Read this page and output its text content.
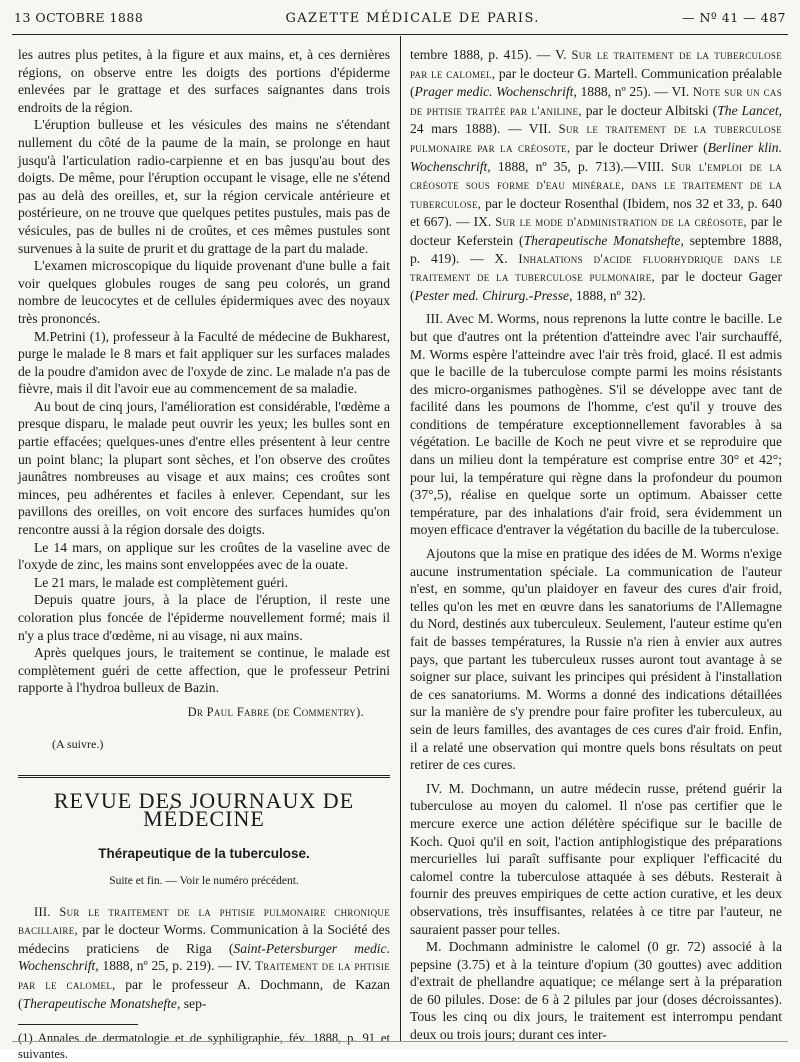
13 OCTOBRE 1888	GAZETTE MÉDICALE DE PARIS.	— Nº 41 — 487

les autres plus petites, à la figure et aux mains, et, à ces dernières régions, on observe entre les doigts des portions d'épiderme enlevées par le grattage et des surfaces saignantes dans trois endroits de la région.

L'éruption bulleuse et les vésicules des mains ne s'étendant nullement du côté de la paume de la main, se prolonge en haut jusqu'à l'articulation radio-carpienne et en bas jusqu'au bout des doigts. De même, pour l'éruption occupant le visage, elle ne s'étend pas au delà des oreilles, et, sur la région cervicale antérieure et postérieure, on ne trouve que quelques petites pustules, mais pas de vésicules, pas de bulles ni de croûtes, et ces mêmes pustules sont survenues à la suite de prurit et du grattage de la part du malade.

L'examen microscopique du liquide provenant d'une bulle a fait voir quelques globules rouges de sang peu colorés, un grand nombre de leucocytes et de cellules épidermiques avec des noyaux très prononcés.

M.Petrini (1), professeur à la Faculté de médecine de Bukharest, purge le malade le 8 mars et fait appliquer sur les surfaces malades de la poudre d'amidon avec de l'oxyde de zinc. Le malade n'a pas de fièvre, mais il dit l'avoir eue au commencement de sa maladie.

Au bout de cinq jours, l'amélioration est considérable, l'œdème a presque disparu, le malade peut ouvrir les yeux; les bulles sont en partie effacées; quelques-unes d'entre elles présentent à leur centre un point blanc; la plupart sont sèches, et l'on observe des croûtes jaunâtres nombreuses au visage et aux mains; ces croûtes sont minces, peu adhérentes et faciles à enlever. Cependant, sur les pavillons des oreilles, on voit encore des surfaces humides qu'on rencontre aussi à la région dorsale des doigts.

Le 14 mars, on applique sur les croûtes de la vaseline avec de l'oxyde de zinc, les mains sont enveloppées avec de la ouate.

Le 21 mars, le malade est complètement guéri.

Depuis quatre jours, à la place de l'éruption, il reste une coloration plus foncée de l'épiderme nouvellement formé; mais il n'y a plus trace d'œdème, ni au visage, ni aux mains.

Après quelques jours, le traitement se continue, le malade est complètement guéri de cette affection, que le professeur Petrini rapporte à l'hydroa bulleux de Bazin.

Dr Paul Fabre (de Commentry).
(A suivre.)
REVUE DES JOURNAUX DE MÉDECINE
Thérapeutique de la tuberculose.
Suite et fin. — Voir le numéro précédent.

III. Sur le traitement de la phtisie pulmonaire chronique bacillaire, par le docteur Worms. Communication à la Société des médecins praticiens de Riga (Saint-Petersburger medic. Wochenschrift, 1888, nº 25, p. 219). — IV. Traitement de la phtisie par le calomel, par le professeur A. Dochmann, de Kazan (Therapeutische Monatshefte, sep-

(1) Annales de dermatologie et de syphiligraphie, fév. 1888, p. 91 et suivantes.

tembre 1888, p. 415). — V. Sur le traitement de la tuberculose par le calomel, par le docteur G. Martell. Communication préalable (Prager medic. Wochenschrift, 1888, nº 25). — VI. Note sur un cas de phtisie traitée par l'aniline, par le docteur Albitski (The Lancet, 24 mars 1888). — VII. Sur le traitement de la tuberculose pulmonaire par la créosote, par le docteur Driwer (Berliner klin. Wochenschrift, 1888, nº 35, p. 713).—VIII. Sur l'emploi de la créosote sous forme d'eau minérale, dans le traitement de la tuberculose, par le docteur Rosenthal (Ibidem, nos 32 et 33, p. 640 et 667). — IX. Sur le mode d'administration de la créosote, par le docteur Keferstein (Therapeutische Monatshefte, septembre 1888, p. 419). — X. Inhalations d'acide fluorhydrique dans le traitement de la tuberculose pulmonaire, par le docteur Gager (Pester med. Chirurg.-Presse, 1888, nº 32).

III. Avec M. Worms, nous reprenons la lutte contre le bacille. Le but que d'autres ont la prétention d'atteindre avec l'air surchauffé, M. Worms espère l'atteindre avec l'air très froid, glacé. Il est admis que le bacille de la tuberculose compte parmi les moins résistants des micro-organismes pathogènes. S'il se développe avec tant de facilité dans les poumons de l'homme, c'est qu'il y trouve des conditions de température exceptionnellement favorables à sa végétation. Le bacille de Koch ne peut vivre et se reproduire que dans un milieu dont la température est comprise entre 30° et 42°; pour lui, la température qui règne dans la profondeur du poumon (37°,5), réalise en quelque sorte un optimum. Abaisser cette température, par des inhalations d'air froid, sera évidemment un moyen efficace d'entraver la végétation du bacille de la tuberculose.

Ajoutons que la mise en pratique des idées de M. Worms n'exige aucune instrumentation spéciale. La communication de l'auteur n'est, en somme, qu'un plaidoyer en faveur des cures d'air froid, telles qu'on les met en œuvre dans les sanatoriums de l'Allemagne du Nord, destinés aux tuberculeux. Seulement, l'auteur estime qu'en fait de basses températures, la Russie n'a rien à envier aux autres pays, que partant les tuberculeux russes auront tout avantage à se soigner sur place, suivant les principes qui président à l'installation de ces sanatoriums. M. Worms a donné des indications détaillées sur la manière de s'y prendre pour faire profiter les tuberculeux, au sein de leurs familles, des avantages de ces cures d'air froid. Enfin, il a relaté une observation qui montre quels bons résultats on peut retirer de ces cures.

IV. M. Dochmann, un autre médecin russe, prétend guérir la tuberculose au moyen du calomel. Il n'ose pas certifier que le mercure exerce une action délétère spécifique sur le bacille de Koch. Quoi qu'il en soit, l'action antiphlogistique des préparations mercurielles lui paraît suffisante pour expliquer l'efficacité du calomel contre la tuberculose attaquée à ses débuts. Resterait à fournir des preuves empiriques de cette action curative, et les deux observations, très insuffisantes, relatées à ce titre par l'auteur, ne sauraient passer pour telles.

M. Dochmann administre le calomel (0 gr. 72) associé à la pepsine (3.75) et à la teinture d'opium (30 gouttes) avec addition d'extrait de phellandre aquatique; ce mélange sert à la préparation de 60 pilules. Dose: de 6 à 2 pilules par jour (doses décroissantes). Tous les cinq ou dix jours, le traitement est interrompu pendant deux ou trois jours; durant ces inter-
